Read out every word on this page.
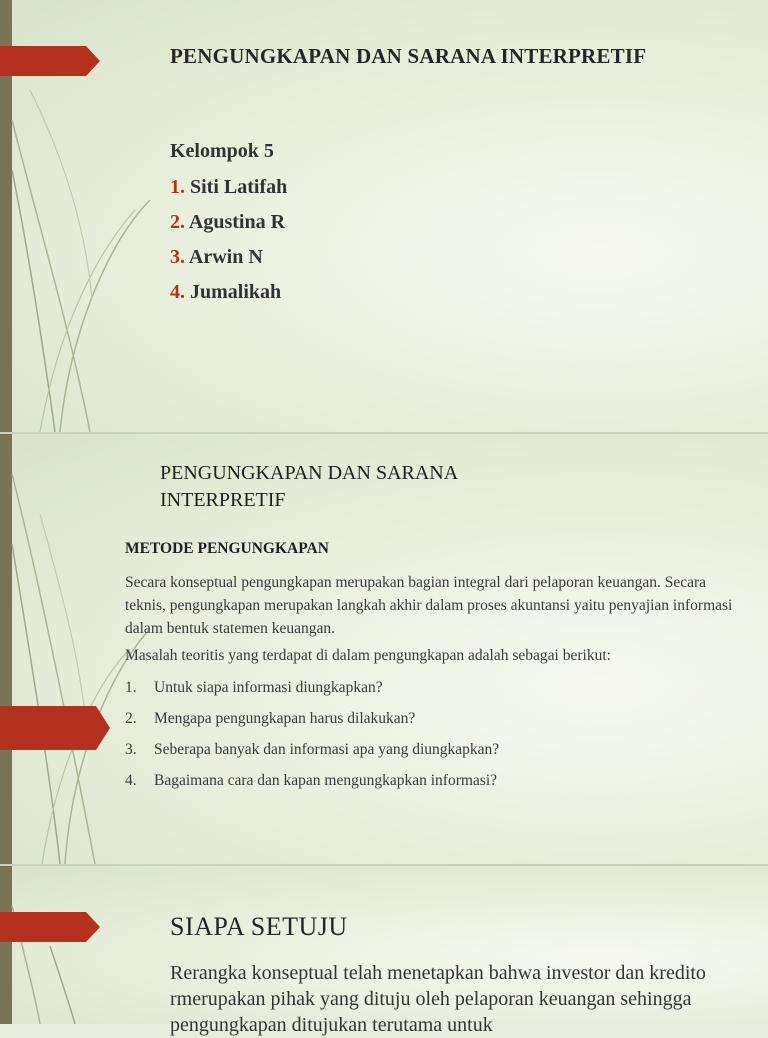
PENGUNGKAPAN DAN SARANA INTERPRETIF
Kelompok 5
1. Siti Latifah
2. Agustina R
3. Arwin N
4. Jumalikah
PENGUNGKAPAN DAN SARANA INTERPRETIF
METODE PENGUNGKAPAN
Secara konseptual pengungkapan merupakan bagian integral dari pelaporan keuangan. Secara teknis, pengungkapan merupakan langkah akhir dalam proses akuntansi yaitu penyajian informasi dalam bentuk statemen keuangan.
Masalah teoritis yang terdapat di dalam pengungkapan adalah sebagai berikut:
1. Untuk siapa informasi diungkapkan?
2. Mengapa pengungkapan harus dilakukan?
3. Seberapa banyak dan informasi apa yang diungkapkan?
4. Bagaimana cara dan kapan mengungkapkan informasi?
SIAPA SETUJU
Rerangka konseptual telah menetapkan bahwa investor dan kredito rmerupakan pihak yang dituju oleh pelaporan keuangan sehingga pengungkapan ditujukan terutama untuk
